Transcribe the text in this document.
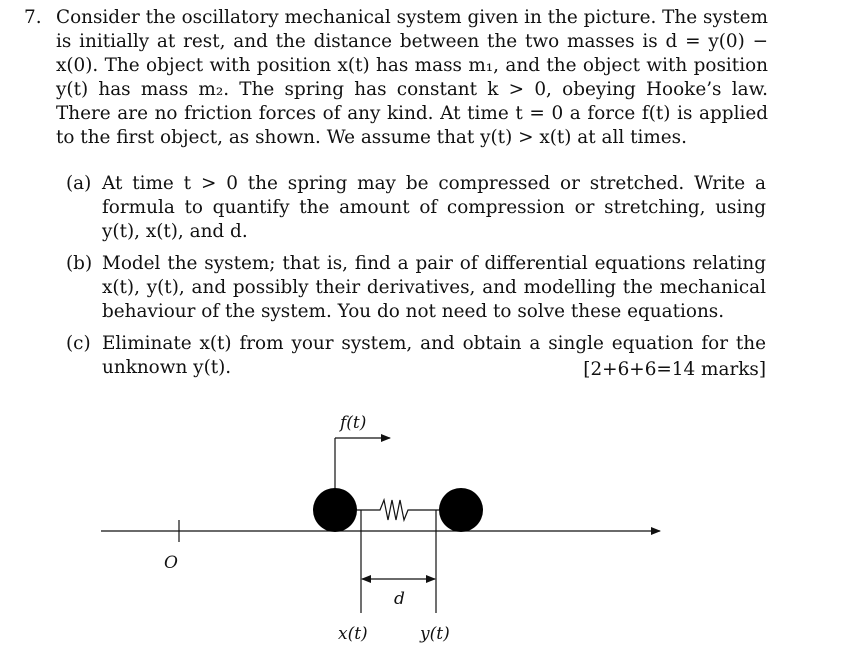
7. Consider the oscillatory mechanical system given in the picture. The system is initially at rest, and the distance between the two masses is d = y(0) − x(0). The object with position x(t) has mass m₁, and the object with position y(t) has mass m₂. The spring has constant k > 0, obeying Hooke’s law. There are no friction forces of any kind. At time t = 0 a force f(t) is applied to the first object, as shown. We assume that y(t) > x(t) at all times.
(a) At time t > 0 the spring may be compressed or stretched. Write a formula to quantify the amount of compression or stretching, using y(t), x(t), and d.
(b) Model the system; that is, find a pair of differential equations relating x(t), y(t), and possibly their derivatives, and modelling the mechanical behaviour of the system. You do not need to solve these equations.
(c) Eliminate x(t) from your system, and obtain a single equation for the unknown y(t).	[2+6+6=14 marks]
O
f(t)
d
x(t)	y(t)
